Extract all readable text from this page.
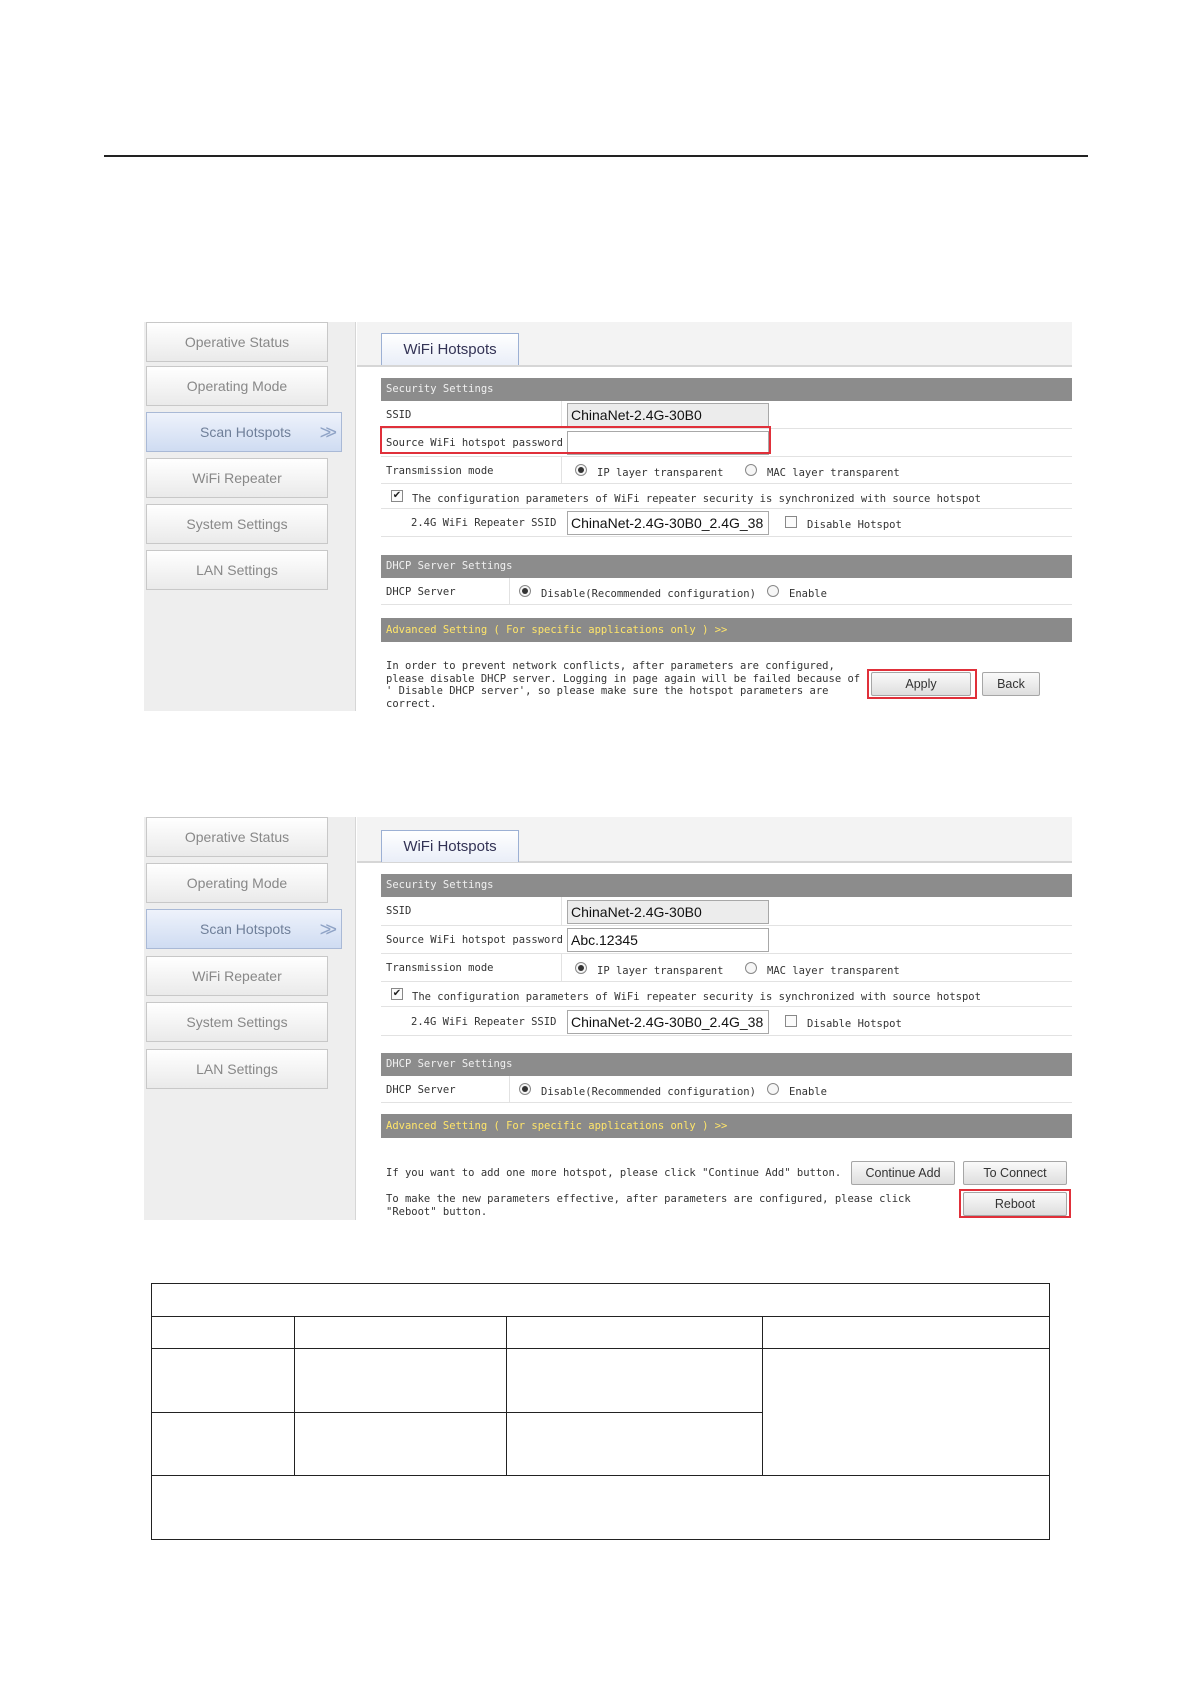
Operative Status
Operating Mode
Scan Hotspots >>
WiFi Repeater
System Settings
LAN Settings
WiFi Hotspots
Security Settings
SSID	ChinaNet-2.4G-30B0
Source WiFi hotspot password
Transmission mode	IP layer transparent	MAC layer transparent
✔ The configuration parameters of WiFi repeater security is synchronized with source hotspot
2.4G WiFi Repeater SSID ChinaNet-2.4G-30B0_2.4G_38	Disable Hotspot
DHCP Server Settings
DHCP Server	Disable(Recommended configuration)	Enable
Advanced Setting ( For specific applications only ) >>
In order to prevent network conflicts, after parameters are configured,
please disable DHCP server. Logging in page again will be failed because of
' Disable DHCP server', so please make sure the hotspot parameters are
correct.
Apply	Back
Operative Status
Operating Mode
Scan Hotspots >>
WiFi Repeater
System Settings
LAN Settings
WiFi Hotspots
Security Settings
SSID	ChinaNet-2.4G-30B0
Source WiFi hotspot password Abc.12345
Transmission mode	IP layer transparent	MAC layer transparent
✔ The configuration parameters of WiFi repeater security is synchronized with source hotspot
2.4G WiFi Repeater SSID ChinaNet-2.4G-30B0_2.4G_38	Disable Hotspot
DHCP Server Settings
DHCP Server	Disable(Recommended configuration)	Enable
Advanced Setting ( For specific applications only ) >>
If you want to add one more hotspot, please click "Continue Add" button.	Continue Add	To Connect
To make the new parameters effective, after parameters are configured, please click
"Reboot" button.
Reboot
